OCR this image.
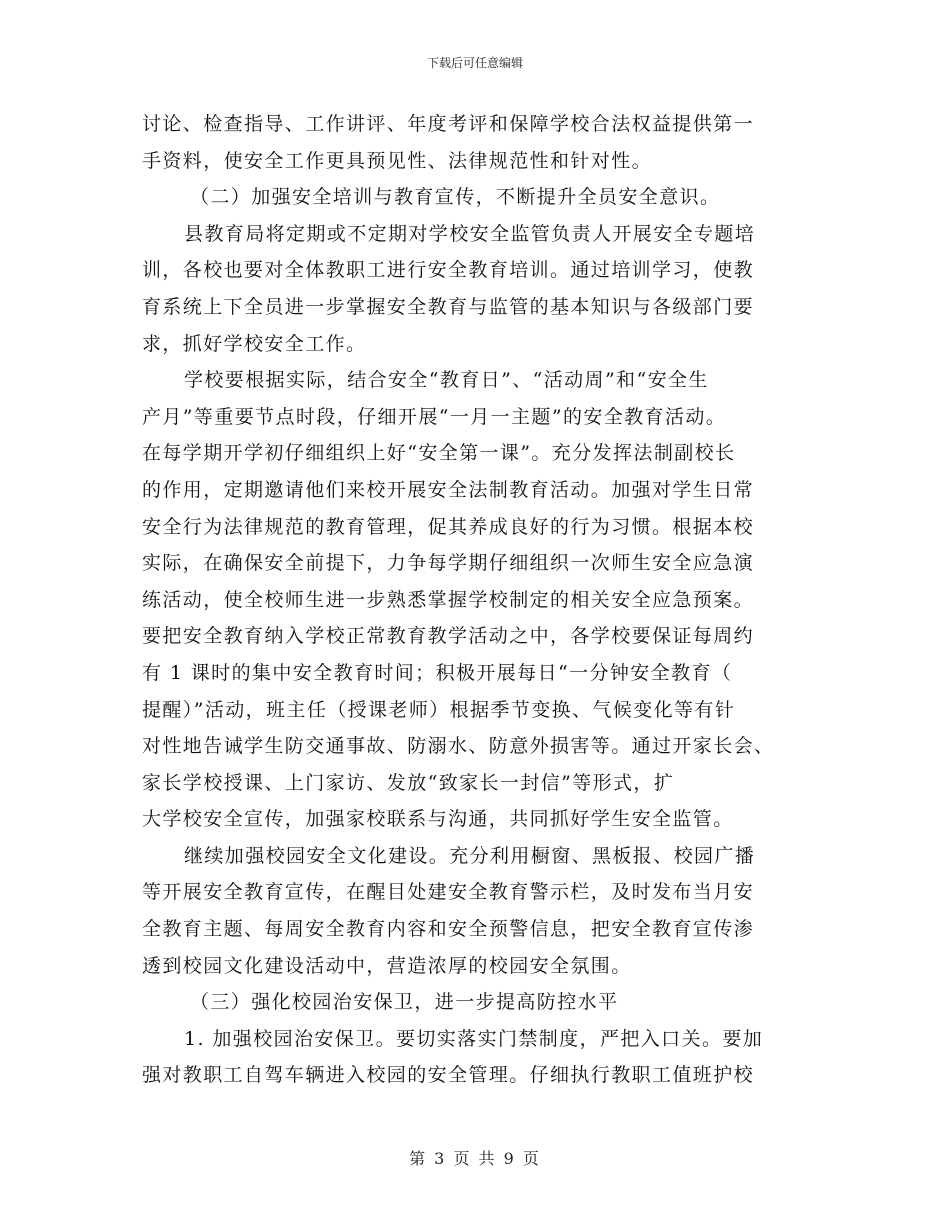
下载后可任意编辑
讨论、检查指导、工作讲评、年度考评和保障学校合法权益提供第一
手资料，使安全工作更具预见性、法律规范性和针对性。
（二）加强安全培训与教育宣传，不断提升全员安全意识。
县教育局将定期或不定期对学校安全监管负责人开展安全专题培
训，各校也要对全体教职工进行安全教育培训。通过培训学习，使教
育系统上下全员进一步掌握安全教育与监管的基本知识与各级部门要
求，抓好学校安全工作。
学校要根据实际，结合安全“教育日”、“活动周”和“安全生
产月”等重要节点时段，仔细开展“一月一主题”的安全教育活动。
在每学期开学初仔细组织上好“安全第一课”。充分发挥法制副校长
的作用，定期邀请他们来校开展安全法制教育活动。加强对学生日常
安全行为法律规范的教育管理，促其养成良好的行为习惯。根据本校
实际，在确保安全前提下，力争每学期仔细组织一次师生安全应急演
练活动，使全校师生进一步熟悉掌握学校制定的相关安全应急预案。
要把安全教育纳入学校正常教育教学活动之中，各学校要保证每周约
有 1 课时的集中安全教育时间；积极开展每日“一分钟安全教育（
提醒）”活动，班主任（授课老师）根据季节变换、气候变化等有针
对性地告诫学生防交通事故、防溺水、防意外损害等。通过开家长会、
家长学校授课、上门家访、发放“致家长一封信”等形式，扩
大学校安全宣传，加强家校联系与沟通，共同抓好学生安全监管。
继续加强校园安全文化建设。充分利用橱窗、黑板报、校园广播
等开展安全教育宣传，在醒目处建安全教育警示栏，及时发布当月安
全教育主题、每周安全教育内容和安全预警信息，把安全教育宣传渗
透到校园文化建设活动中，营造浓厚的校园安全氛围。
（三）强化校园治安保卫，进一步提高防控水平
1. 加强校园治安保卫。要切实落实门禁制度，严把入口关。要加
强对教职工自驾车辆进入校园的安全管理。仔细执行教职工值班护校
第 3 页 共 9 页
